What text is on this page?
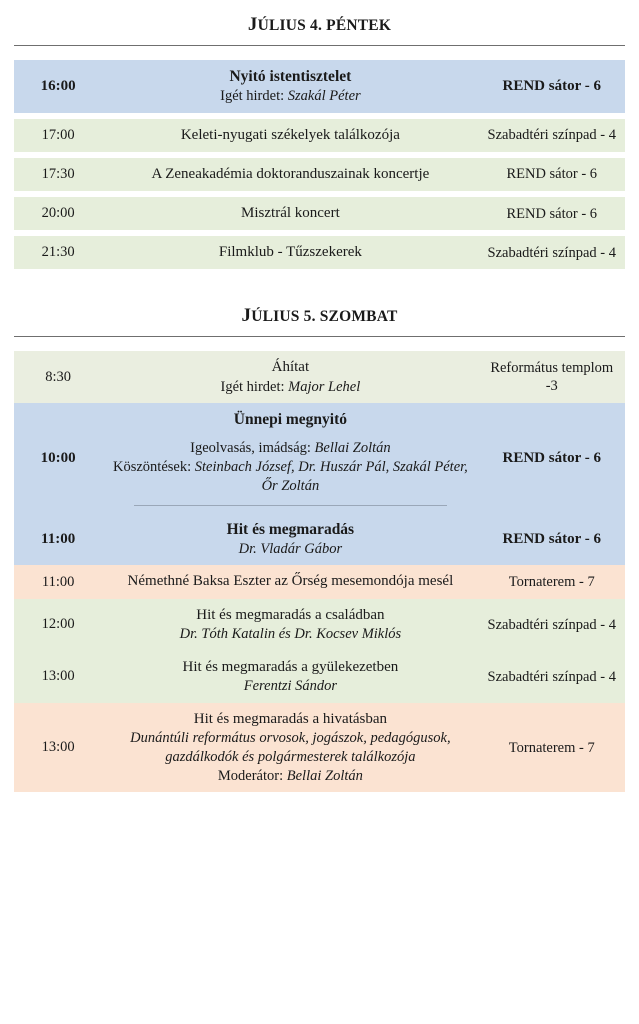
JÚLIUS 4. PÉNTEK
16:00	Nyitó istentisztelet
Igét hirdet: Szakál Péter	REND sátor - 6

17:00	Keleti-nyugati székelyek találkozója	Szabadtéri színpad - 4

17:30	A Zeneakadémia doktoranduszainak koncertje	REND sátor - 6

20:00	Misztrál koncert	REND sátor - 6

21:30	Filmklub - Tűzszekerek	Szabadtéri színpad - 4
JÚLIUS 5. SZOMBAT
8:30	Áhítat
Igét hirdet: Major Lehel	Református templom -3

10:00	Ünnepi megnyitó
Igeolvasás, imádság: Bellai Zoltán
Köszöntések: Steinbach József, Dr. Huszár Pál, Szakál Péter, Őr Zoltán	REND sátor - 6

11:00	Hit és megmaradás
Dr. Vladár Gábor	REND sátor - 6

11:00	Némethné Baksa Eszter az Őrség mesemondója mesél	Tornaterem - 7

12:00	Hit és megmaradás a családban
Dr. Tóth Katalin és Dr. Kocsev Miklós	Szabadtéri színpad - 4

13:00	Hit és megmaradás a gyülekezetben
Ferentzi Sándor	Szabadtéri színpad - 4

13:00	Hit és megmaradás a hivatásban
Dunántúli református orvosok, jogászok, pedagógusok, gazdálkodók és polgármesterek találkozója
Moderátor: Bellai Zoltán	Tornaterem - 7
